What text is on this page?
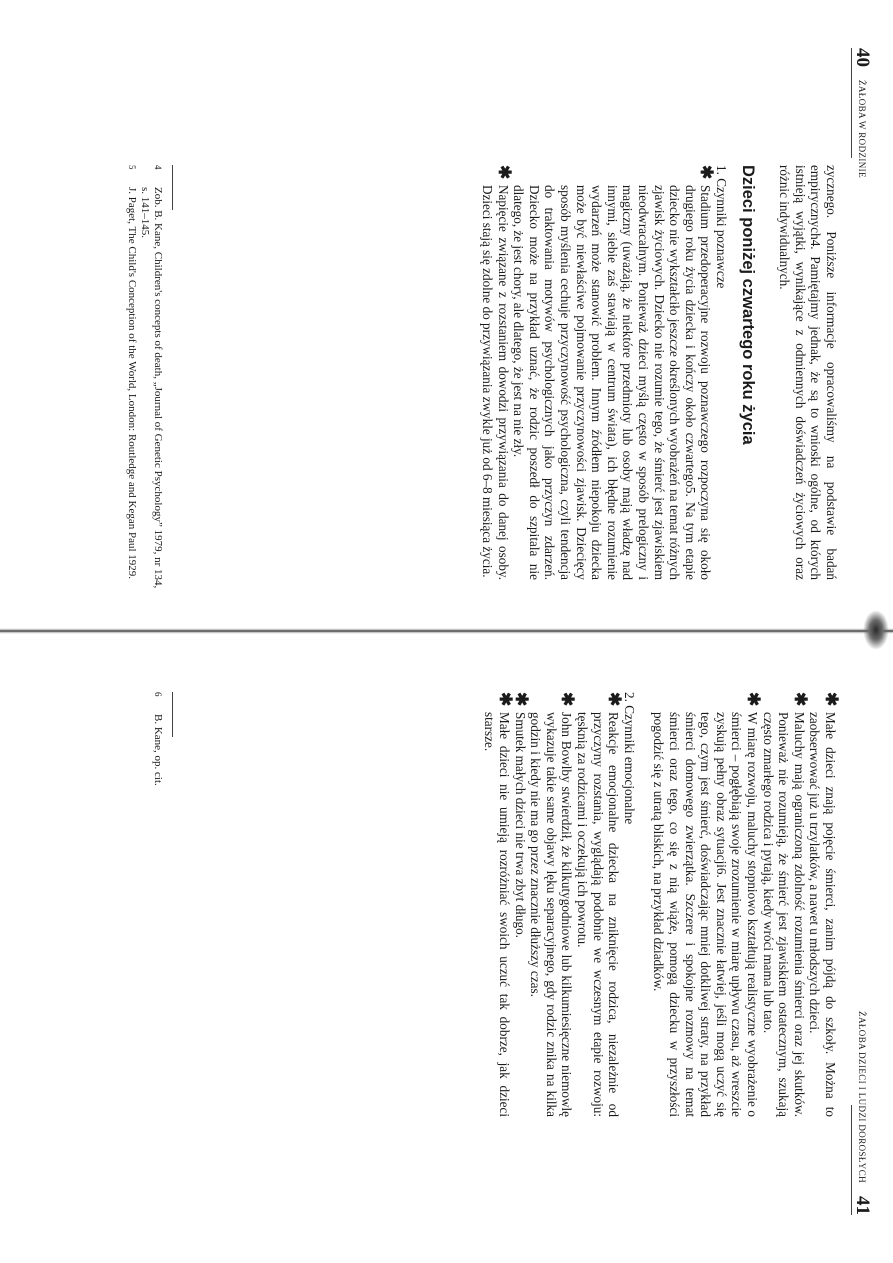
40
ŻAŁOBA W RODZINIE

zycznego. Poniższe informacje opracowaliśmy na podstawie badań empirycznych4. Pamiętajmy jednak, że są to wnioski ogólne, od których istnieją wyjątki, wynikające z odmiennych doświadczeń życiowych oraz różnic indywidualnych.

Dzieci poniżej czwartego roku życia

1. Czynniki poznawcze

✱
Stadium przedoperacyjne rozwoju poznawczego rozpoczyna się około drugiego roku życia dziecka i kończy około czwartego5. Na tym etapie dziecko nie wykształciło jeszcze określonych wyobrażeń na temat różnych zjawisk życiowych. Dziecko nie rozumie tego, że śmierć jest zjawiskiem nieodwracalnym. Ponieważ dzieci myślą często w sposób prelogiczny i magiczny (uważają, że niektóre przedmioty lub osoby mają władzę nad innymi, siebie zaś stawiają w centrum świata), ich błędne rozumienie wydarzeń może stanowić problem. Innym źródłem niepokoju dziecka może być niewłaściwe pojmowanie przyczynowości zjawisk. Dziecięcy sposób myślenia cechuje przyczynowość psychologiczna, czyli tendencja do traktowania motywów psychologicznych jako przyczyn zdarzeń. Dziecko może na przykład uznać, że rodzic poszedł do szpitala nie dlatego, że jest chory, ale dlatego, że jest na nie zły.

✱
Napięcie związane z rozstaniem dowodzi przywiązania do danej osoby. Dzieci stają się zdolne do przywiązania zwykle już od 6–8 miesiąca życia.

4
Zob. B. Kane, Children's concepts of death, „Journal of Genetic Psychology” 1979, nr 134, s. 141–145.

5
J. Paget, The Child's Conception of the World, London: Routledge and Kegan Paul 1929.

ŻAŁOBA DZIECI I LUDZI DOROSŁYCH
41

✱
Małe dzieci znają pojęcie śmierci, zanim pójdą do szkoły. Można to zaobserwować już u trzylatków, a nawet u młodszych dzieci.

✱
Maluchy mają ograniczoną zdolność rozumienia śmierci oraz jej skutków. Ponieważ nie rozumieją, że śmierć jest zjawiskiem ostatecznym, szukają często zmarłego rodzica i pytają, kiedy wróci mama lub tato.

✱
W miarę rozwoju, maluchy stopniowo kształtują realistyczne wyobrażenie o śmierci – pogłębiają swoje zrozumienie w miarę upływu czasu, aż wreszcie zyskują pełny obraz sytuacji6. Jest znacznie łatwiej, jeśli mogą uczyć się tego, czym jest śmierć, doświadczając mniej dotkliwej straty, na przykład śmierci domowego zwierzątka. Szczere i spokojne rozmowy na temat śmierci oraz tego, co się z nią wiąże, pomogą dziecku w przyszłości pogodzić się z utratą bliskich, na przykład dziadków.

2. Czynniki emocjonalne

✱
Reakcje emocjonalne dziecka na zniknięcie rodzica, niezależnie od przyczyny rozstania, wyglądają podobnie we wczesnym etapie rozwoju: tęsknią za rodzicami i oczekują ich powrotu.

✱
John Bowlby stwierdził, że kilkutygodniowe lub kilkumiesięczne niemowlę wykazuje takie same objawy lęku separacyjnego, gdy rodzic znika na kilka godzin i kiedy nie ma go przez znacznie dłuższy czas.

✱
Smutek małych dzieci nie trwa zbyt długo.

✱
Małe dzieci nie umieją rozróżniać swoich uczuć tak dobrze, jak dzieci starsze.

6
B. Kane, op. cit.
